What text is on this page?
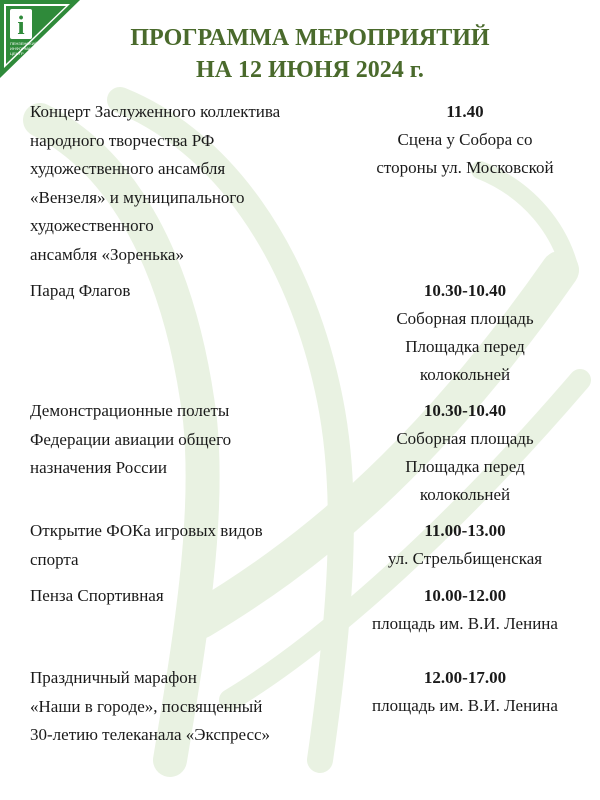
i
ПЕНЗЕНСКИЙ
ИНФОРМАЦИОННЫЙ
ЦЕНТР
ПРОГРАММА МЕРОПРИЯТИЙ
НА 12 ИЮНЯ 2024 г.
Концерт Заслуженного коллектива
народного творчества РФ
художественного ансамбля
«Вензеля» и муниципального
художественного
ансамбля «Зоренька»
11.40
Сцена у Собора со
стороны ул. Московской
Парад Флагов	10.30-10.40
Соборная площадь
Площадка перед
колокольней
Демонстрационные полеты
Федерации авиации общего
назначения России
10.30-10.40
Соборная площадь
Площадка перед
колокольней
Открытие ФОКа игровых видов
спорта
11.00-13.00
ул. Стрельбищенская
Пенза Спортивная	10.00-12.00
площадь им. В.И. Ленина
Праздничный марафон
«Наши в городе», посвященный
30-летию телеканала «Экспресс»
12.00-17.00
площадь им. В.И. Ленина
